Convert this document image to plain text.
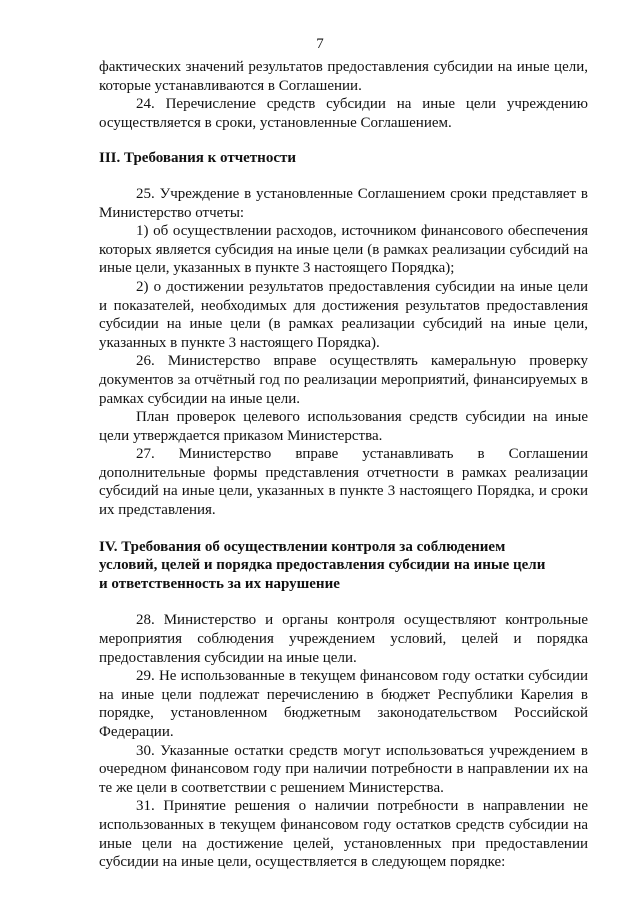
7

фактических значений результатов предоставления субсидии на иные цели, которые устанавливаются в Соглашении.

24. Перечисление средств субсидии на иные цели учреждению осуществляется в сроки, установленные Соглашением.

III. Требования к отчетности

25. Учреждение в установленные Соглашением сроки представляет в Министерство отчеты:

1) об осуществлении расходов, источником финансового обеспечения которых является субсидия на иные цели (в рамках реализации субсидий на иные цели, указанных в пункте 3 настоящего Порядка);

2) о достижении результатов предоставления субсидии на иные цели и показателей, необходимых для достижения результатов предоставления субсидии на иные цели (в рамках реализации субсидий на иные цели, указанных в пункте 3 настоящего Порядка).

26. Министерство вправе осуществлять камеральную проверку документов за отчётный год по реализации мероприятий, финансируемых в рамках субсидии на иные цели.

План проверок целевого использования средств субсидии на иные цели утверждается приказом Министерства.

27. Министерство вправе устанавливать в Соглашении дополнительные формы представления отчетности в рамках реализации субсидий на иные цели, указанных в пункте 3 настоящего Порядка, и сроки их представления.

IV. Требования об осуществлении контроля за соблюдением

условий, целей и порядка предоставления субсидии на иные цели

и ответственность за их нарушение

28. Министерство и органы контроля осуществляют контрольные мероприятия соблюдения учреждением условий, целей и порядка предоставления субсидии на иные цели.

29. Не использованные в текущем финансовом году остатки субсидии на иные цели подлежат перечислению в бюджет Республики Карелия в порядке, установленном бюджетным законодательством Российской Федерации.

30. Указанные остатки средств могут использоваться учреждением в очередном финансовом году при наличии потребности в направлении их на те же цели в соответствии с решением Министерства.

31. Принятие решения о наличии потребности в направлении не использованных в текущем финансовом году остатков средств субсидии на иные цели на достижение целей, установленных при предоставлении субсидии на иные цели, осуществляется в следующем порядке:
